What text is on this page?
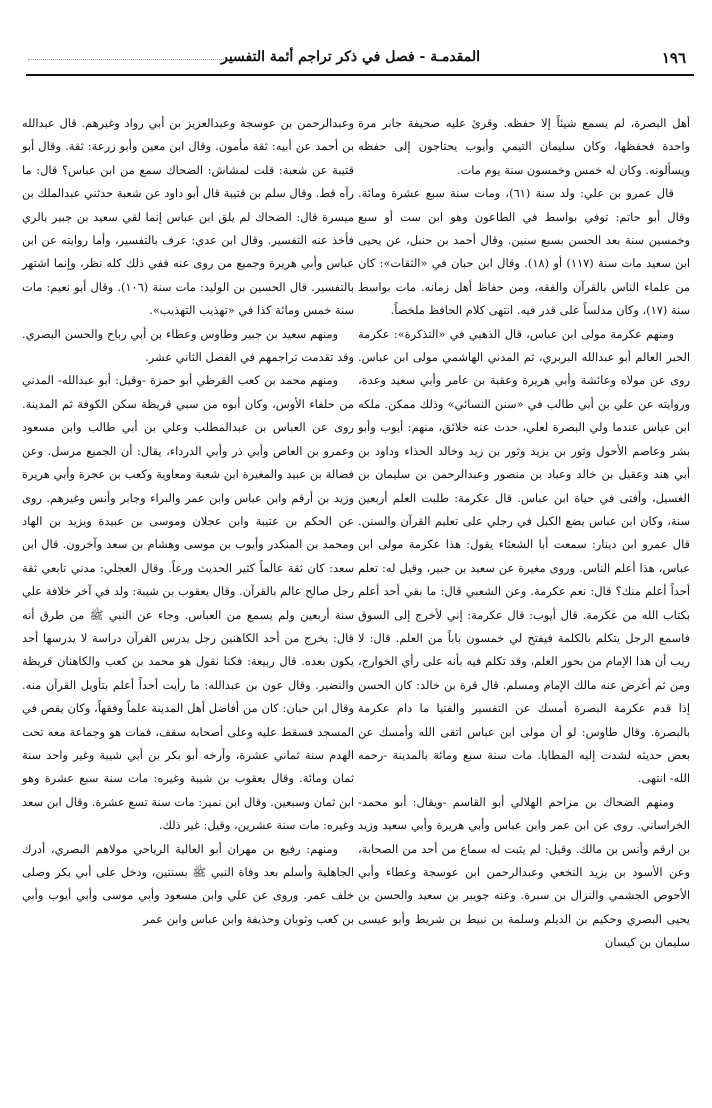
١٩٦
المقدمـة - فصل في ذكر تراجم أئمة التفسير

أهل البصرة، لم يسمع شيئاً إلا حفظه. وقرئ عليه صحيفة جابر مرة واحدة فحفظها، وكان سليمان التيمي وأيوب يحتاجون إلى حفظه ويسألونه. وكان له خمس وخمسون سنة يوم مات.

قال عمرو بن علي: ولد سنة (٦١)، ومات سنة سبع عشرة ومائة. وقال أبو حاتم: توفي بواسط في الطاعون وهو ابن ست أو سبع وخمسين سنة بعد الحسن بسبع سنين. وقال أحمد بن حنبل، عن يحيى ابن سعيد مات سنة (١١٧) أو (١٨). وقال ابن حبان في «الثقات»: كان من علماء الناس بالقرآن والفقه، ومن حفاظ أهل زمانه. مات بواسط سنة (١٧)، وكان مدلساً على قدر فيه. انتهى كلام الحافظ ملخصاً.

ومنهم عكرمة مولى ابن عباس، قال الذهبي في «التذكرة»: عكرمة الحبر العالم أبو عبدالله البربري، ثم المدني الهاشمي مولى ابن عباس. روى عن مولاه وعائشة وأبي هريرة وعقبة بن عامر وأبي سعيد وعدة، وروايته عن علي بن أبي طالب في «سنن النسائي» وذلك ممكن. ملكه ابن عباس عندما ولي البصرة لعلي، حدث عنه خلائق، منهم: أيوب وأبو بشر وعاصم الأحول وثور بن يزيد وثور بن زيد وخالد الحذاء وداود بن أبي هند وعقيل بن خالد وعباد بن منصور وعبدالرحمن بن سليمان بن الغسيل، وأفتى في حياة ابن عباس. قال عكرمة: طلبت العلم أربعين سنة، وكان ابن عباس يضع الكبل في رجلي على تعليم القرآن والسنن. قال عمرو ابن دينار: سمعت أبا الشعثاء يقول: هذا عكرمة مولى ابن عباس، هذا أعلم الناس. وروى مغيرة عن سعيد بن جبير، وقيل له: تعلم أحداً أعلم منك؟ قال: نعم عكرمة. وعن الشعبي قال: ما بقي أحد أعلم بكتاب الله من عكرمة. قال أيوب: قال عكرمة: إني لأخرج إلى السوق فاسمع الرجل يتكلم بالكلمة فيفتح لي خمسون باباً من العلم. قال: لا ريب أن هذا الإمام من بحور العلم، وقد تكلم فيه بأنه على رأي الخوارج، ومن ثم أعرض عنه مالك الإمام ومسلم. قال قرة بن خالد: كان الحسن إذا قدم عكرمة البصرة أمسك عن التفسير والفتيا ما دام عكرمة بالبصرة. وقال طاوس: لو أن مولى ابن عباس اتقى الله وأمسك عن بعض حديثه لشدت إليه المطايا. مات سنة سبع ومائة بالمدينة -رحمه الله- انتهى.

ومنهم الضحاك بن مزاحم الهلالي أبو القاسم -ويقال: أبو محمد- الخراساني. روى عن ابن عمر وابن عباس وأبي هريرة وأبي سعيد وزيد بن ارقم وأنس بن مالك. وقيل: لم يثبت له سماع من أحد من الصحابة، وعن الأسود بن يزيد النخعي وعبدالرحمن ابن عوسجة وعطاء وأبي الأحوص الجشمي والنزال بن سبرة. وعنه جويبر بن سعيد والحسن بن يحيى البصري وحكيم بن الديلم وسلمة بن نبيط بن شريط وأبو عيسى سليمان بن كيسان

وعبدالرحمن بن عوسجة وعبدالعزيز بن أبي رواد وغيرهم. قال عبدالله بن أحمد عن أبيه: ثقة مأمون. وقال ابن معين وأبو زرعة: ثقة. وقال أبو قتيبة عن شعبة: قلت لمشاش: الضحاك سمع من ابن عباس؟ قال: ما رآه قط. وقال سلم بن قتيبة قال أبو داود عن شعبة حدثني عبدالملك بن ميسرة قال: الضحاك لم يلق ابن عباس إنما لقي سعيد بن جبير بالري فأخذ عنه التفسير. وقال ابن عدي: عرف بالتفسير، وأما روايته عن ابن عباس وأبي هريرة وجميع من روى عنه ففي ذلك كله نظر، وإنما اشتهر بالتفسير. قال الحسين بن الوليد: مات سنة (١٠٦). وقال أبو نعيم: مات سنة خمس ومائة كذا في «تهذيب التهذيب».

ومنهم سعيد بن جبير وطاوس وعطاء بن أبي رباح والحسن البصري. وقد تقدمت تراجمهم في الفصل الثاني عشر.

ومنهم محمد بن كعب القرظي أبو حمزة -وقيل: أبو عبدالله- المدني من حلفاء الأوس، وكان أبوه من سبي قريظة سكن الكوفة ثم المدينة. روى عن العباس بن عبدالمطلب وعلي بن أبي طالب وابن مسعود وعمرو بن العاص وأبي ذر وأبي الدرداء، يقال: أن الجميع مرسل. وعن فضالة بن عبيد والمغيرة ابن شعبة ومعاوية وكعب بن عجرة وأبي هريرة وزيد بن أرقم وابن عباس وابن عمر والبراء وجابر وأنس وغيرهم. روى عن الحكم بن عتيبة وابن عجلان وموسى بن عبيدة ويزيد بن الهاد ومحمد بن المنكدر وأيوب بن موسى وهشام بن سعد وآخرون. قال ابن سعد: كان ثقة عالماً كثير الحديث ورعاً. وقال العجلي: مدني تابعي ثقة رجل صالح عالم بالقرآن. وقال يعقوب بن شيبة: ولد في آخر خلافة علي سنة أربعين ولم يسمع من العباس. وجاء عن النبي ﷺ من طرق أنه قال: يخرج من أحد الكاهنين رجل يدرس القرآن دراسة لا يدرسها أحد يكون بعده. قال ربيعة: فكنا نقول هو محمد بن كعب والكاهنان قريظة والنضير. وقال عون بن عبدالله: ما رأيت أحداً أعلم بتأويل القرآن منه. وقال ابن حبان: كان من أفاضل أهل المدينة علماً وفقهاً، وكان يقص في المسجد فسقط عليه وعلى أصحابه سقف، فمات هو وجماعة معه تحت الهدم سنة ثماني عشرة، وأرخه أبو بكر بن أبي شيبة وغير واحد سنة ثمان ومائة. وقال يعقوب بن شيبة وغيره: مات سنة سبع عشرة وهو ابن ثمان وسبعين. وقال ابن نمير: مات سنة تسع عشرة. وقال ابن سعد وغيره: مات سنة عشرين، وقيل: غير ذلك.

ومنهم: رفيع بن مهران أبو العالية الرياحي مولاهم البصري، أدرك الجاهلية وأسلم بعد وفاة النبي ﷺ بسنتين، ودخل على أبي بكر وصلى خلف عمر. وروى عن علي وابن مسعود وأبي موسى وأبي أيوب وأبي بن كعب وثوبان وحذيفة وابن عباس وابن عمر
